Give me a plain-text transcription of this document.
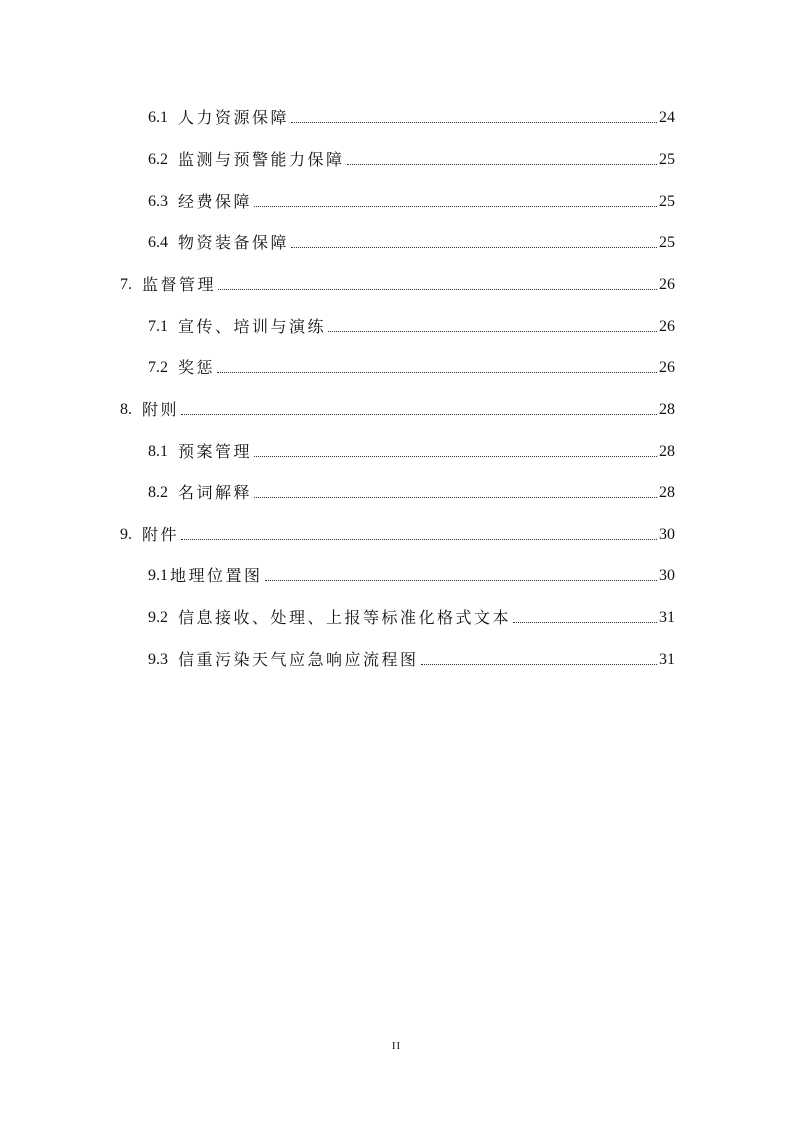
6.1 人力资源保障	24
6.2 监测与预警能力保障	25
6.3 经费保障	25
6.4 物资装备保障	25
7. 监督管理	26
7.1 宣传、培训与演练	26
7.2 奖惩	26
8. 附则	28
8.1 预案管理	28
8.2 名词解释	28
9. 附件	30
9.1 地理位置图	30
9.2 信息接收、处理、上报等标准化格式文本	31
9.3 信重污染天气应急响应流程图	31
II
